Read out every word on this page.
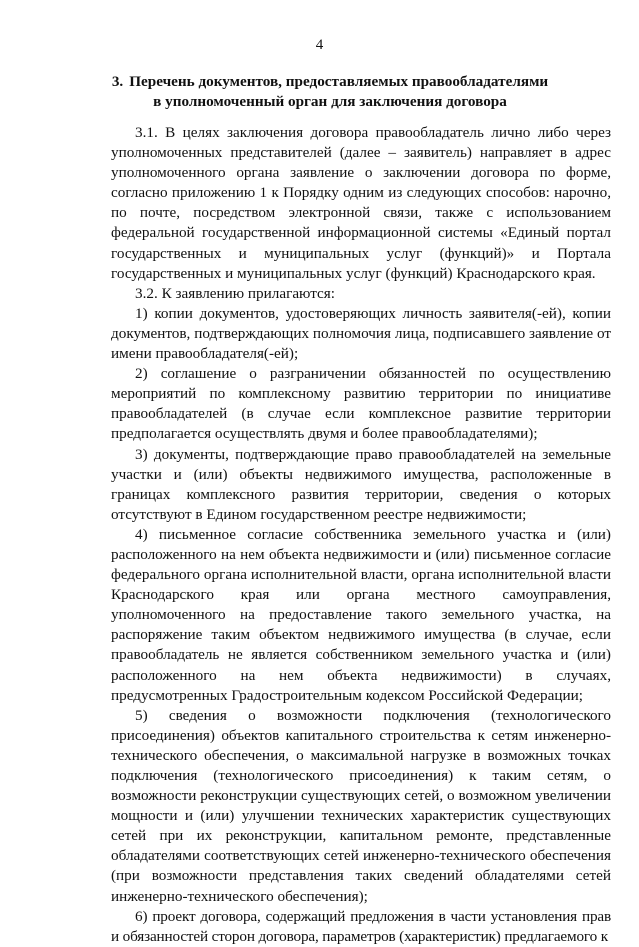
4
3. Перечень документов, предоставляемых правообладателями в уполномоченный орган для заключения договора

3.1. В целях заключения договора правообладатель лично либо через уполномоченных представителей (далее – заявитель) направляет в адрес уполномоченного органа заявление о заключении договора по форме, согласно приложению 1 к Порядку одним из следующих способов: нарочно, по почте, посредством электронной связи, также с использованием федеральной государственной информационной системы «Единый портал государственных и муниципальных услуг (функций)» и Портала государственных и муниципальных услуг (функций) Краснодарского края.

3.2. К заявлению прилагаются:

1) копии документов, удостоверяющих личность заявителя(-ей), копии документов, подтверждающих полномочия лица, подписавшего заявление от имени правообладателя(-ей);

2) соглашение о разграничении обязанностей по осуществлению мероприятий по комплексному развитию территории по инициативе правообладателей (в случае если комплексное развитие территории предполагается осуществлять двумя и более правообладателями);

3) документы, подтверждающие право правообладателей на земельные участки и (или) объекты недвижимого имущества, расположенные в границах комплексного развития территории, сведения о которых отсутствуют в Едином государственном реестре недвижимости;

4) письменное согласие собственника земельного участка и (или) расположенного на нем объекта недвижимости и (или) письменное согласие федерального органа исполнительной власти, органа исполнительной власти Краснодарского края или органа местного самоуправления, уполномоченного на предоставление такого земельного участка, на распоряжение таким объектом недвижимого имущества (в случае, если правообладатель не является собственником земельного участка и (или) расположенного на нем объекта недвижимости) в случаях, предусмотренных Градостроительным кодексом Российской Федерации;

5) сведения о возможности подключения (технологического присоединения) объектов капитального строительства к сетям инженерно-технического обеспечения, о максимальной нагрузке в возможных точках подключения (технологического присоединения) к таким сетям, о возможности реконструкции существующих сетей, о возможном увеличении мощности и (или) улучшении технических характеристик существующих сетей при их реконструкции, капитальном ремонте, представленные обладателями соответствующих сетей инженерно-технического обеспечения (при возможности представления таких сведений обладателями сетей инженерно-технического обеспечения);

6) проект договора, содержащий предложения в части установления прав и обязанностей сторон договора, параметров (характеристик) предлагаемого к
